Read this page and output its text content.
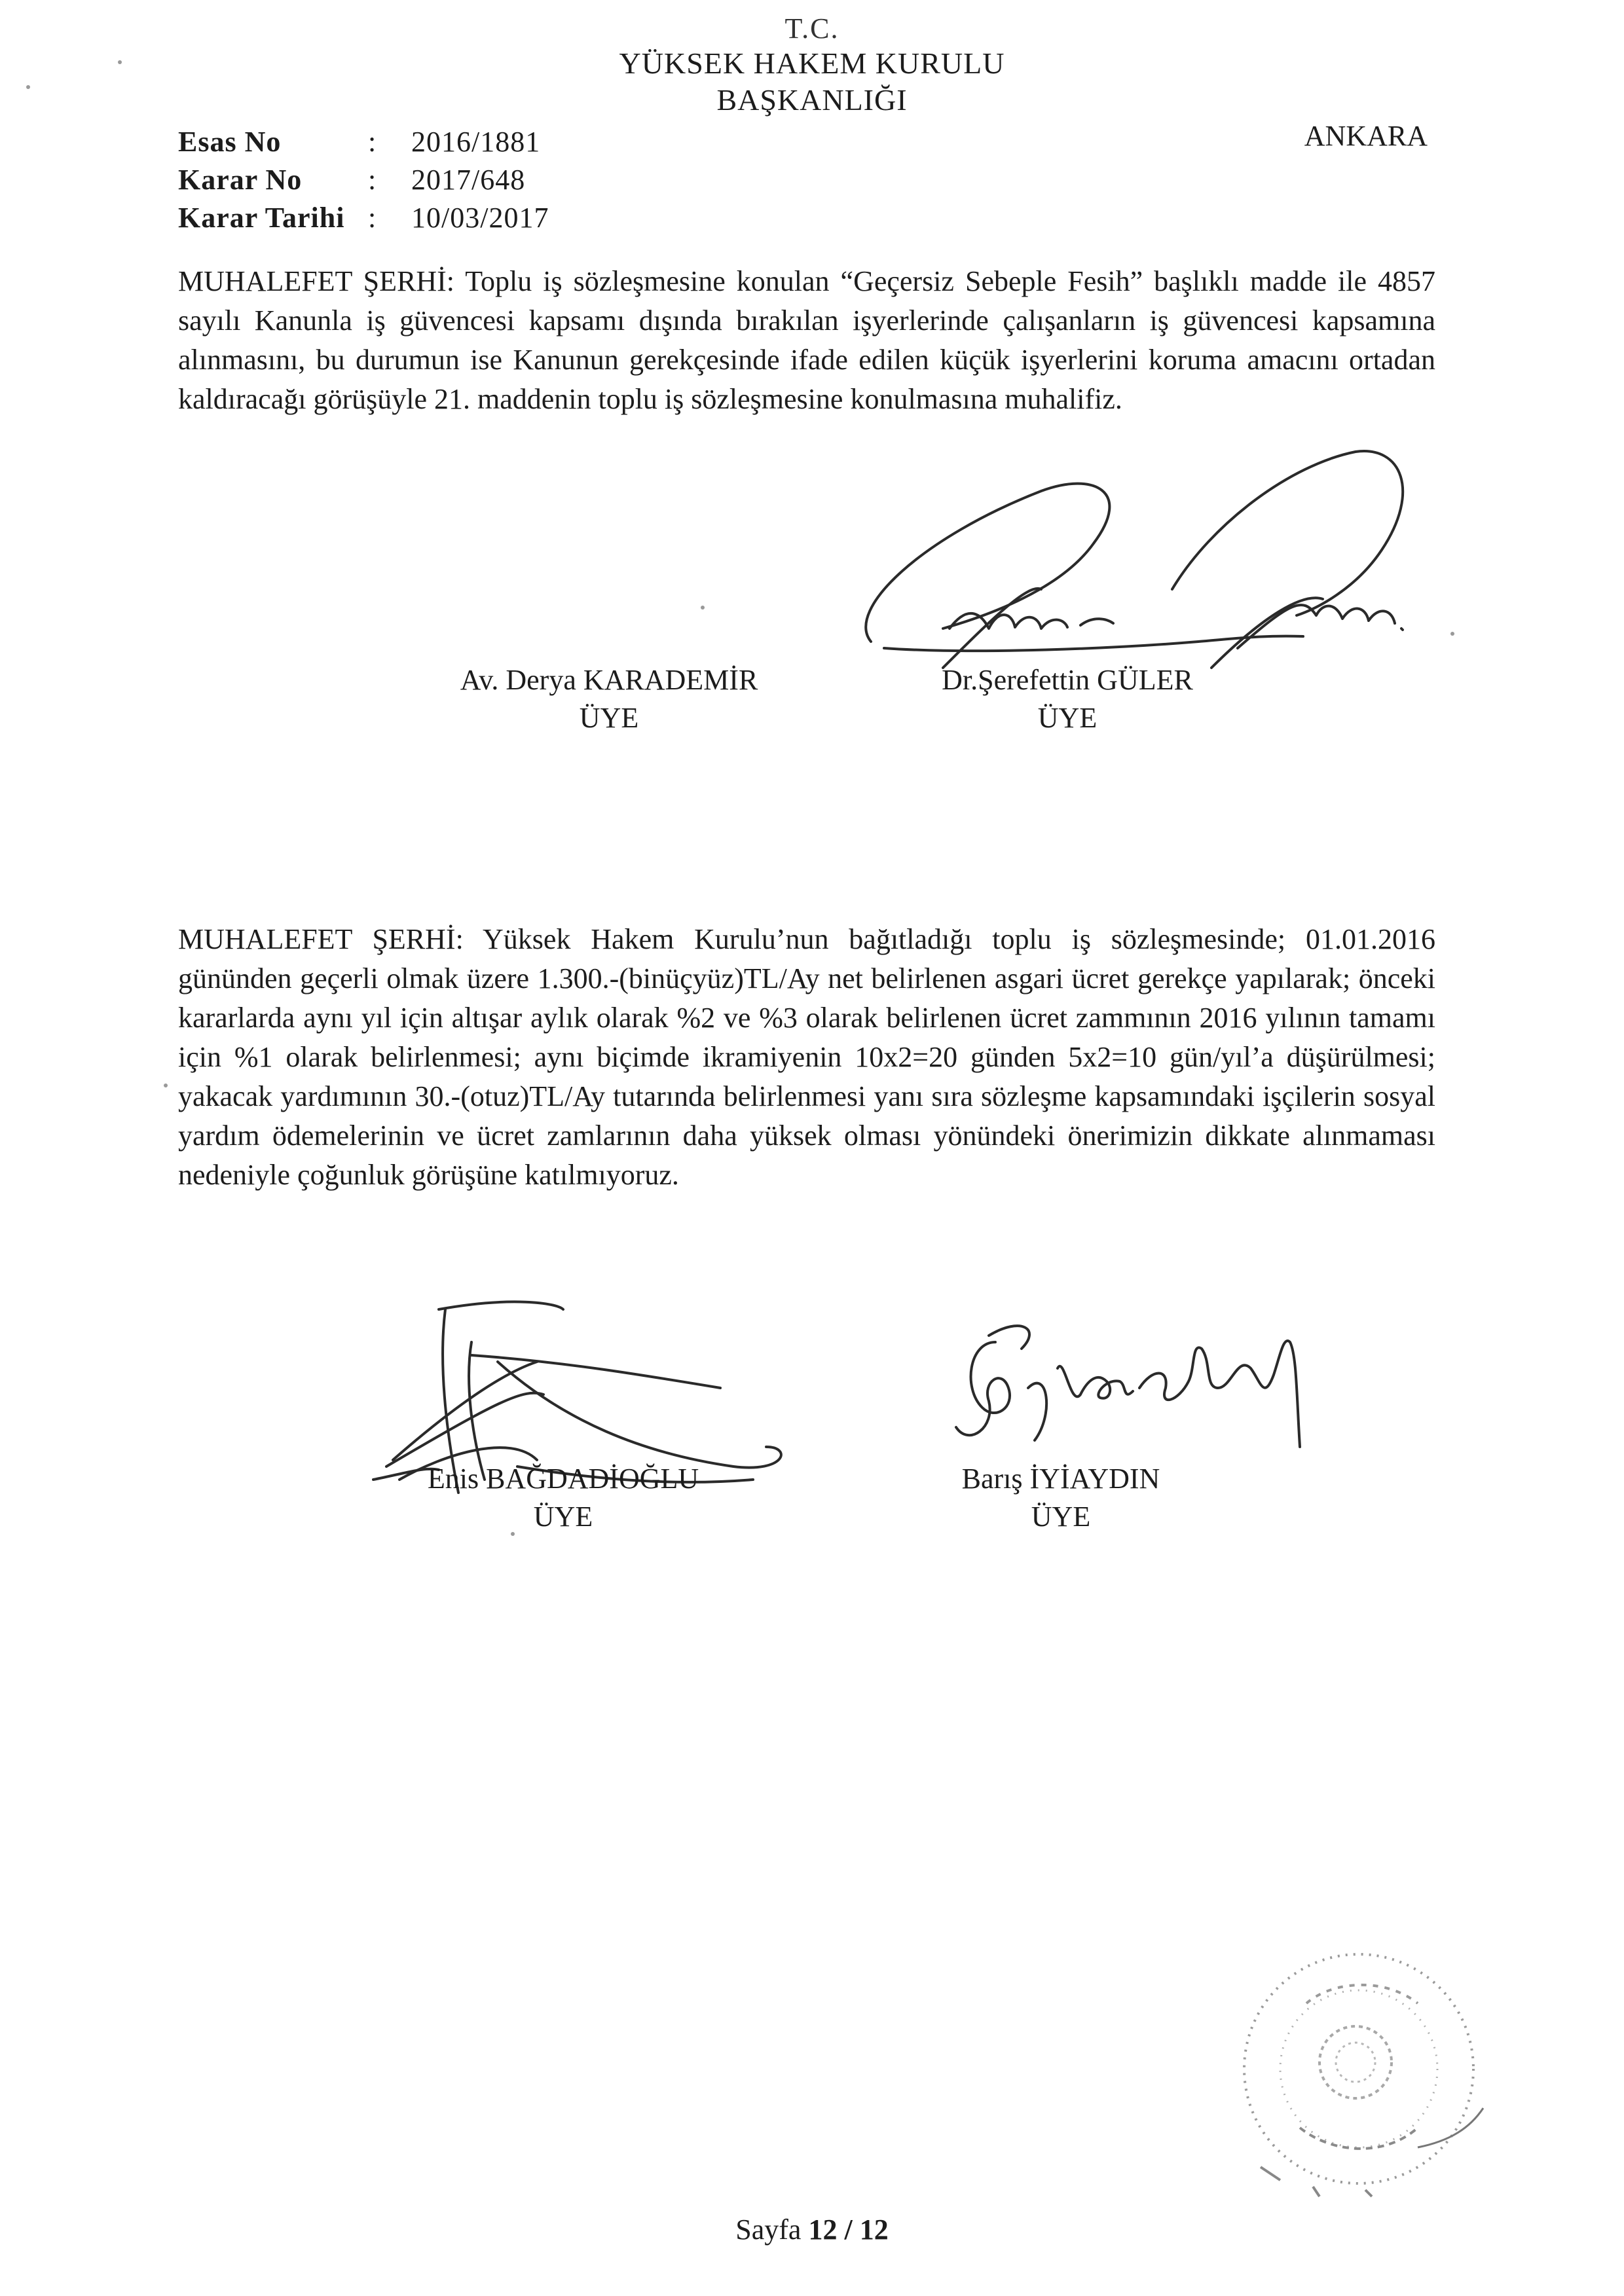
T.C.
YÜKSEK HAKEM KURULU
BAŞKANLIĞI
ANKARA
Esas No	:	2016/1881
Karar No	:	2017/648
Karar Tarihi :	10/03/2017
MUHALEFET ŞERHİ: Toplu iş sözleşmesine konulan “Geçersiz Sebeple Fesih” başlıklı madde ile 4857 sayılı Kanunla iş güvencesi kapsamı dışında bırakılan işyerlerinde çalışanların iş güvencesi kapsamına alınmasını, bu durumun ise Kanunun gerekçesinde ifade edilen küçük işyerlerini koruma amacını ortadan kaldıracağı görüşüyle 21. maddenin toplu iş sözleşmesine konulmasına muhalifiz.
Av. Derya KARADEMİR
ÜYE
Dr.Şerefettin GÜLER
ÜYE
MUHALEFET ŞERHİ: Yüksek Hakem Kurulu’nun bağıtladığı toplu iş sözleşmesinde; 01.01.2016 gününden geçerli olmak üzere 1.300.-(binüçyüz)TL/Ay net belirlenen asgari ücret gerekçe yapılarak; önceki kararlarda aynı yıl için altışar aylık olarak %2 ve %3 olarak belirlenen ücret zammının 2016 yılının tamamı için %1 olarak belirlenmesi; aynı biçimde ikramiyenin 10x2=20 günden 5x2=10 gün/yıl’a düşürülmesi; yakacak yardımının 30.-(otuz)TL/Ay tutarında belirlenmesi yanı sıra sözleşme kapsamındaki işçilerin sosyal yardım ödemelerinin ve ücret zamlarının daha yüksek olması yönündeki önerimizin dikkate alınmaması nedeniyle çoğunluk görüşüne katılmıyoruz.
Enis BAĞDADİOĞLU
ÜYE
Barış İYİAYDIN
ÜYE
Sayfa 12 / 12
